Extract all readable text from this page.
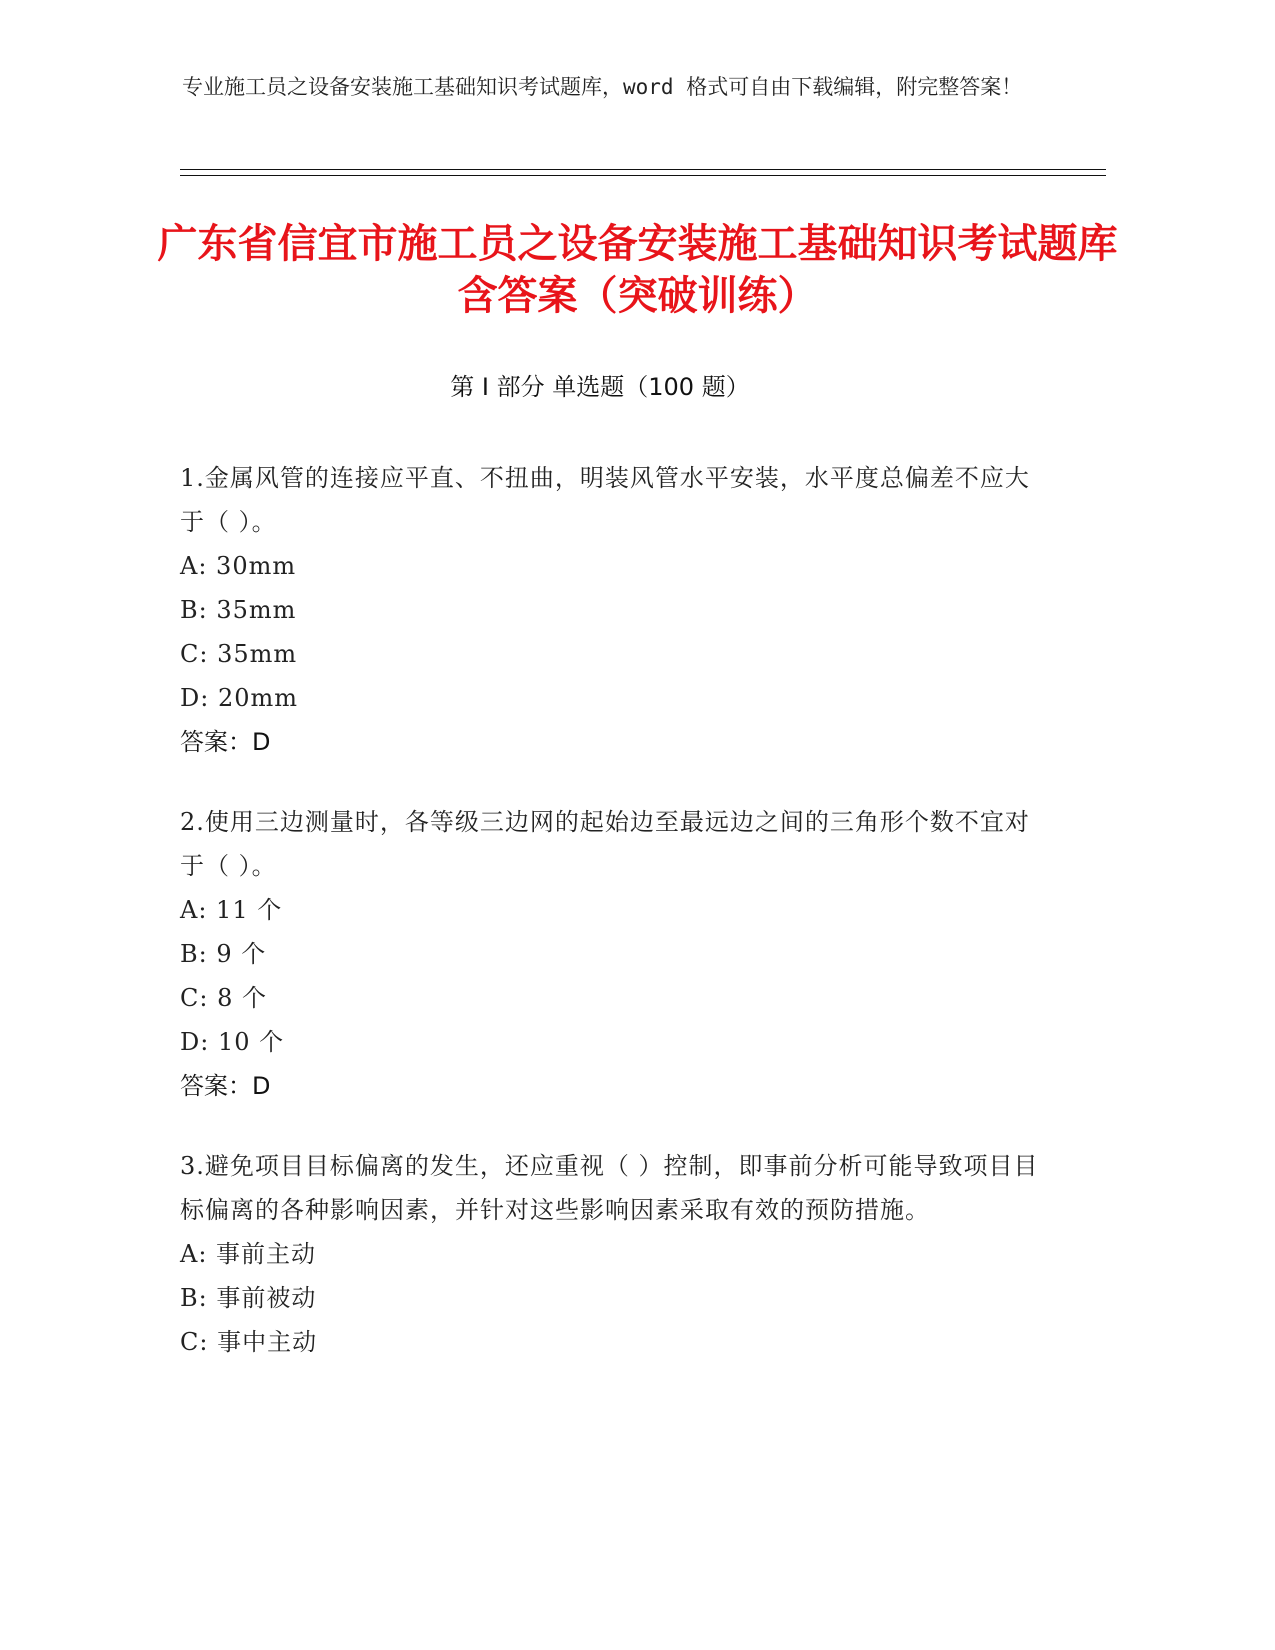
专业施工员之设备安装施工基础知识考试题库，word 格式可自由下载编辑，附完整答案！
广东省信宜市施工员之设备安装施工基础知识考试题库含答案（突破训练）
第 I 部分 单选题（100 题）
1.金属风管的连接应平直、不扭曲，明装风管水平安装，水平度总偏差不应大于（ ）。
A: 30mm
B: 35mm
C: 35mm
D: 20mm
答案：D
2.使用三边测量时，各等级三边网的起始边至最远边之间的三角形个数不宜对于（ ）。
A: 11 个
B: 9 个
C: 8 个
D: 10 个
答案：D
3.避免项目目标偏离的发生，还应重视（ ）控制，即事前分析可能导致项目目标偏离的各种影响因素，并针对这些影响因素采取有效的预防措施。
A: 事前主动
B: 事前被动
C: 事中主动
